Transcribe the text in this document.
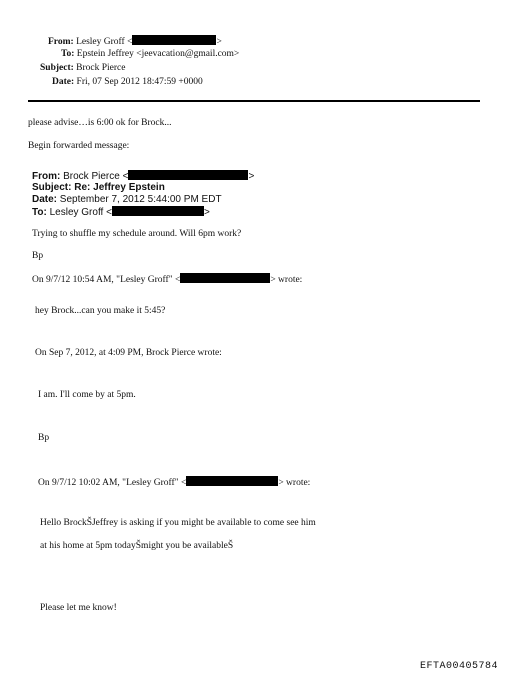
From: Lesley Groff <	>
To: Epstein Jeffrey <jeevacation@gmail.com>
Subject: Brock Pierce
Date: Fri, 07 Sep 2012 18:47:59 +0000
please advise…is 6:00 ok for Brock...
Begin forwarded message:
From: Brock Pierce <	>
Subject: Re: Jeffrey Epstein
Date: September 7, 2012 5:44:00 PM EDT
To: Lesley Groff <	>
Trying to shuffle my schedule around. Will 6pm work?
Bp
On 9/7/12 10:54 AM, "Lesley Groff" <	> wrote:
hey Brock...can you make it 5:45?
On Sep 7, 2012, at 4:09 PM, Brock Pierce wrote:
I am. I'll come by at 5pm.
Bp
On 9/7/12 10:02 AM, "Lesley Groff" <	> wrote:
Hello BrockŠJeffrey is asking if you might be available to come see him
at his home at 5pm todayŠmight you be availableŠ
Please let me know!
EFTA00405784
